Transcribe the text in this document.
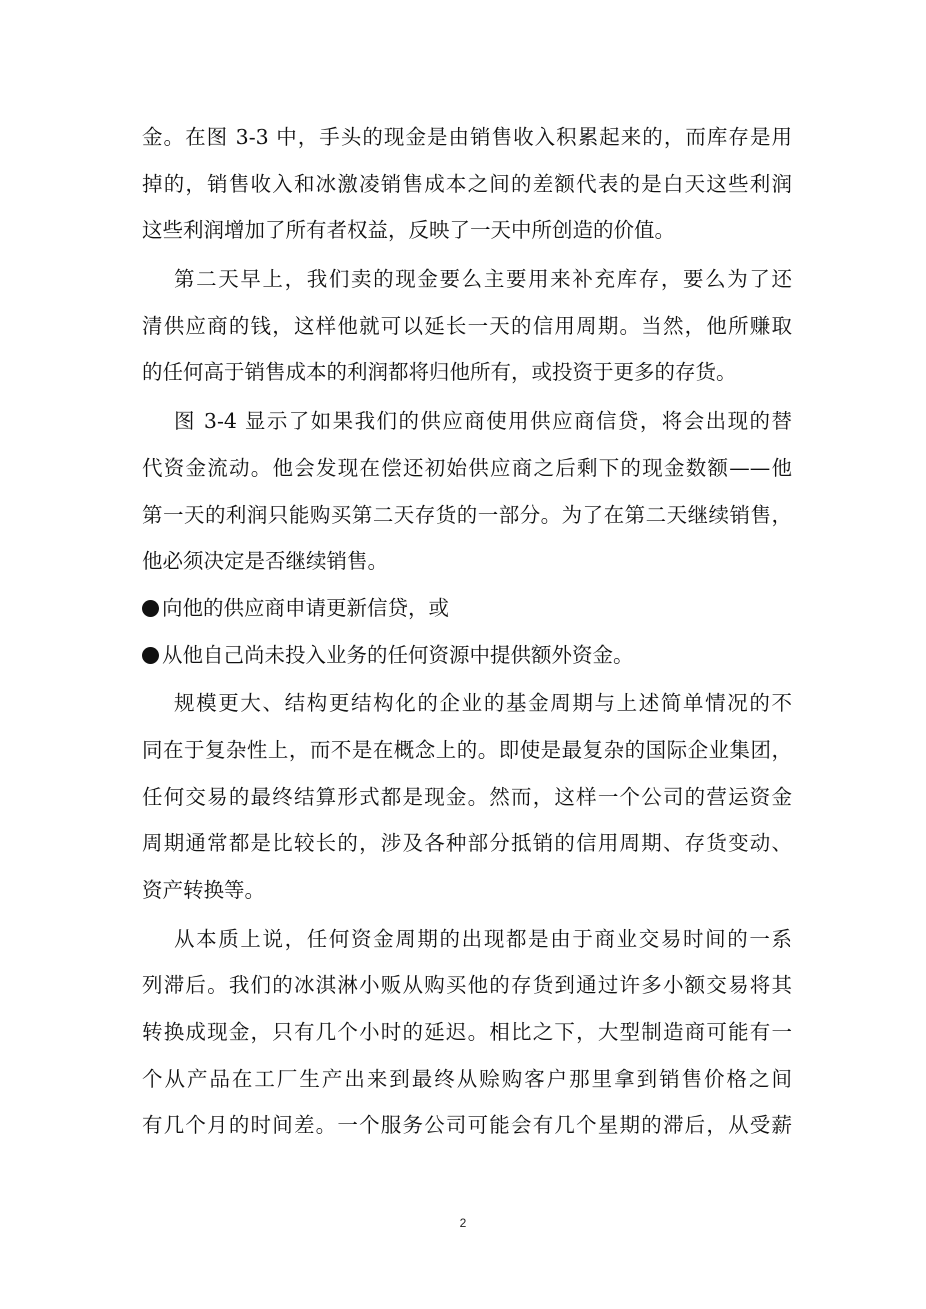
金。在图 3-3 中，手头的现金是由销售收入积累起来的，而库存是用
掉的，销售收入和冰激凌销售成本之间的差额代表的是白天这些利润
这些利润增加了所有者权益，反映了一天中所创造的价值。
第二天早上，我们卖的现金要么主要用来补充库存，要么为了还
清供应商的钱，这样他就可以延长一天的信用周期。当然，他所赚取
的任何高于销售成本的利润都将归他所有，或投资于更多的存货。
图 3-4 显示了如果我们的供应商使用供应商信贷，将会出现的替
代资金流动。他会发现在偿还初始供应商之后剩下的现金数额——他
第一天的利润只能购买第二天存货的一部分。为了在第二天继续销售，
他必须决定是否继续销售。
向他的供应商申请更新信贷，或
从他自己尚未投入业务的任何资源中提供额外资金。
规模更大、结构更结构化的企业的基金周期与上述简单情况的不
同在于复杂性上，而不是在概念上的。即使是最复杂的国际企业集团，
任何交易的最终结算形式都是现金。然而，这样一个公司的营运资金
周期通常都是比较长的，涉及各种部分抵销的信用周期、存货变动、
资产转换等。
从本质上说，任何资金周期的出现都是由于商业交易时间的一系
列滞后。我们的冰淇淋小贩从购买他的存货到通过许多小额交易将其
转换成现金，只有几个小时的延迟。相比之下，大型制造商可能有一
个从产品在工厂生产出来到最终从赊购客户那里拿到销售价格之间
有几个月的时间差。一个服务公司可能会有几个星期的滞后，从受薪
2
